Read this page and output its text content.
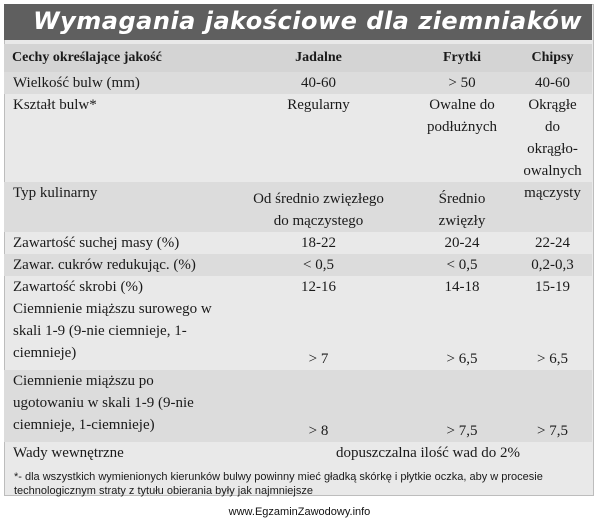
Wymagania jakościowe dla ziemniaków
Cechy określające jakość	Jadalne	Frytki	Chipsy
Wielkość bulw (mm)	40-60	> 50	40-60
Kształt bulw*	Regularny	Owalne do podłużnych	Okrągłe do okrągło-owalnych
Typ kulinarny	Od średnio zwięzłego do mączystego	Średnio zwięzły	mączysty
Zawartość suchej masy (%)	18-22	20-24	22-24
Zawar. cukrów redukując. (%)	< 0,5	< 0,5	0,2-0,3
Zawartość skrobi (%)	12-16	14-18	15-19
Ciemnienie miąższu surowego w skali 1-9 (9-nie ciemnieje, 1-ciemnieje)	> 7	> 6,5	> 6,5
Ciemnienie miąższu po ugotowaniu w skali 1-9 (9-nie ciemnieje, 1-ciemnieje)	> 8	> 7,5	> 7,5
Wady wewnętrzne	dopuszczalna ilość wad do 2%		
*- dla wszystkich wymienionych kierunków bulwy powinny mieć gładką skórkę i płytkie oczka, aby w procesie technologicznym straty z tytułu obierania były jak najmniejsze
www.EgzaminZawodowy.info
